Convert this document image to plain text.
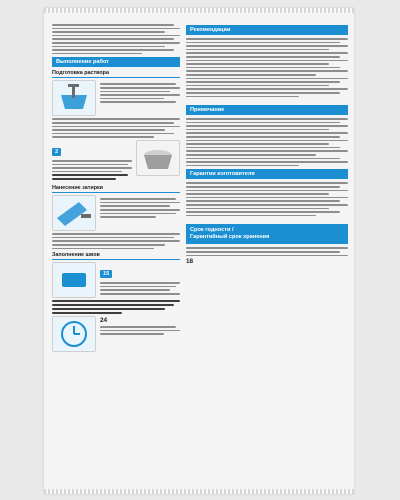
Выполнение работ
Подготовка раствора
2
Нанесение затирки
Заполнение швов
15
24
Рекомендации
Примечание
Гарантии изготовителя
Срок годности /
Гарантийный срок хранения
18
